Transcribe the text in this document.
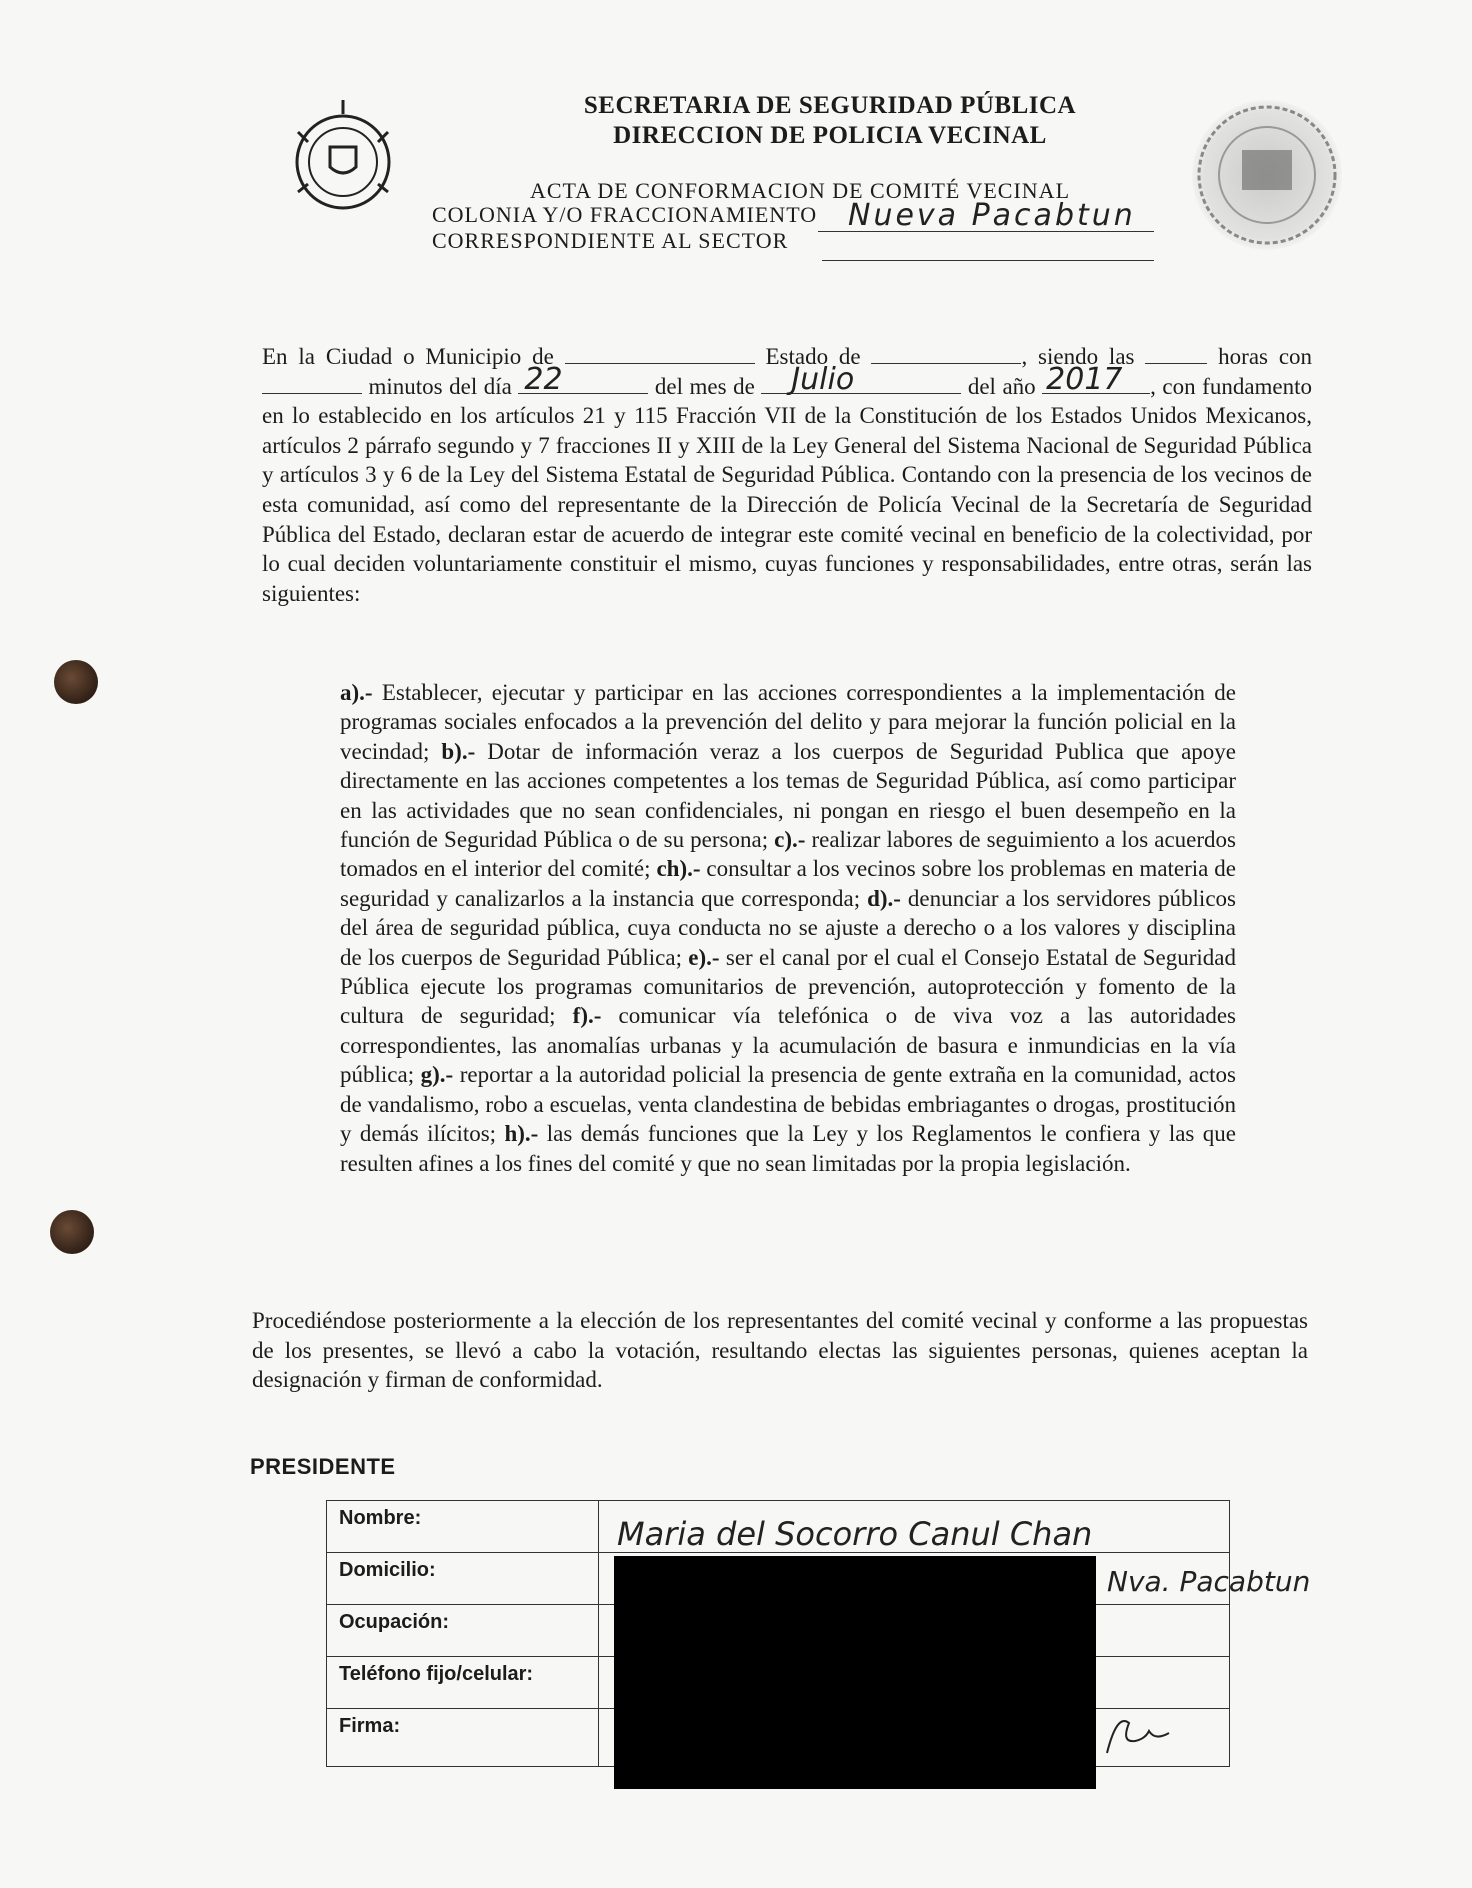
SECRETARIA DE SEGURIDAD PÚBLICA
DIRECCION DE POLICIA VECINAL
ACTA DE CONFORMACION DE COMITÉ VECINAL
COLONIA Y/O FRACCIONAMIENTO Nueva Pacabtun
CORRESPONDIENTE AL SECTOR
En la Ciudad o Municipio de	Estado de	, siendo las	horas con  minutos del día 22	del mes de Julio	del año 2017 , con fundamento en lo establecido en los artículos 21 y 115 Fracción VII de la Constitución de los Estados Unidos Mexicanos, artículos 2 párrafo segundo y 7 fracciones II y XIII de la Ley General del Sistema Nacional de Seguridad Pública y artículos 3 y 6 de la Ley del Sistema Estatal de Seguridad Pública. Contando con la presencia de los vecinos de esta comunidad, así como del representante de la Dirección de Policía Vecinal de la Secretaría de Seguridad Pública del Estado, declaran estar de acuerdo de integrar este comité vecinal en beneficio de la colectividad, por lo cual deciden voluntariamente constituir el mismo, cuyas funciones y responsabilidades, entre otras, serán las siguientes:
a).- Establecer, ejecutar y participar en las acciones correspondientes a la implementación de programas sociales enfocados a la prevención del delito y para mejorar la función policial en la vecindad; b).- Dotar de información veraz a los cuerpos de Seguridad Publica que apoye directamente en las acciones competentes a los temas de Seguridad Pública, así como participar en las actividades que no sean confidenciales, ni pongan en riesgo el buen desempeño en la función de Seguridad Pública o de su persona; c).- realizar labores de seguimiento a los acuerdos tomados en el interior del comité; ch).- consultar a los vecinos sobre los problemas en materia de seguridad y canalizarlos a la instancia que corresponda; d).- denunciar a los servidores públicos del área de seguridad pública, cuya conducta no se ajuste a derecho o a los valores y disciplina de los cuerpos de Seguridad Pública; e).- ser el canal por el cual el Consejo Estatal de Seguridad Pública ejecute los programas comunitarios de prevención, autoprotección y fomento de la cultura de seguridad; f).- comunicar vía telefónica o de viva voz a las autoridades correspondientes, las anomalías urbanas y la acumulación de basura e inmundicias en la vía pública; g).- reportar a la autoridad policial la presencia de gente extraña en la comunidad, actos de vandalismo, robo a escuelas, venta clandestina de bebidas embriagantes o drogas, prostitución y demás ilícitos; h).- las demás funciones que la Ley y los Reglamentos le confiera y las que resulten afines a los fines del comité y que no sean limitadas por la propia legislación.
Procediéndose posteriormente a la elección de los representantes del comité vecinal y conforme a las propuestas de los presentes, se llevó a cabo la votación, resultando electas las siguientes personas, quienes aceptan la designación y firman de conformidad.
PRESIDENTE
Nombre:	Maria del Socorro Canul Chan

Domicilio:	Nva. Pacabtun

Ocupación:	
Teléfono fijo/celular:	
Firma:	
